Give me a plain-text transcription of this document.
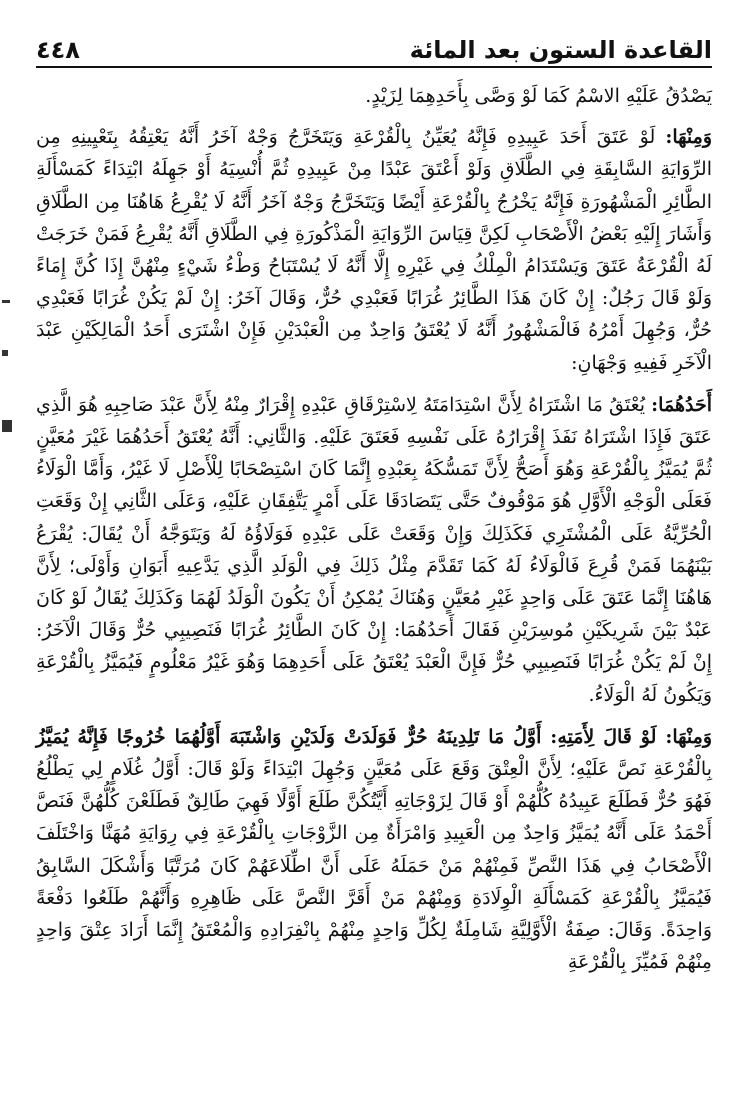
٤٤٨	القاعدة الستون بعد المائة

يَصْدُقُ عَلَيْهِ الاسْمُ كَمَا لَوْ وَصَّى بِأَحَدِهِمَا لِزَيْدٍ.

وَمِنْهَا: لَوْ عَتَقَ أَحَدَ عَبِيدِهِ فَإِنَّهُ يُعَيِّنُ بِالْقُرْعَةِ وَيَتَخَرَّجُ وَجْهٌ آخَرُ أَنَّهُ يَعْتِقُهُ بِتَعْيِينِهِ مِن الرِّوَايَةِ السَّابِقَةِ فِي الطَّلَاقِ وَلَوْ أَعْتَقَ عَبْدًا مِنْ عَبِيدِهِ ثُمَّ أُنْسِيَهُ أَوْ جَهِلَهُ ابْتِدَاءً كَمَسْأَلَةِ الطَّائِرِ الْمَشْهُورَةِ فَإِنَّهُ يَخْرُجُ بِالْقُرْعَةِ أَيْضًا وَيَتَخَرَّجُ وَجْهٌ آخَرُ أَنَّهُ لَا يُقْرِعُ هَاهُنَا مِن الطَّلَاقِ وَأَشَارَ إِلَيْهِ بَعْضُ الْأَصْحَابِ لَكِنَّ قِيَاسَ الرِّوَايَةِ الْمَذْكُورَةِ فِي الطَّلَاقِ أَنَّهُ يُقْرِعُ فَمَنْ خَرَجَتْ لَهُ الْقُرْعَةُ عَتَقَ وَيَسْتَدَامُ الْمِلْكُ فِي غَيْرِهِ إِلَّا أَنَّهُ لَا يُسْتَبَاحُ وَطْءُ شَيْءٍ مِنْهُنَّ إِذَا كُنَّ إِمَاءً وَلَوْ قَالَ رَجُلٌ: إِنْ كَانَ هَذَا الطَّائِرُ غُرَابًا فَعَبْدِي حُرٌّ، وَقَالَ آخَرُ: إِنْ لَمْ يَكُنْ غُرَابًا فَعَبْدِي حُرٌّ، وَجُهِلَ أَمْرُهُ فَالْمَشْهُورُ أَنَّهُ لَا يُعْتَقُ وَاحِدٌ مِن الْعَبْدَيْنِ فَإِنْ اشْتَرَى أَحَدُ الْمَالِكَيْنِ عَبْدَ الْآخَرِ فَفِيهِ وَجْهَانِ:

أَحَدُهُمَا: يُعْتَقُ مَا اشْتَرَاهُ لِأَنَّ اسْتِدَامَتَهُ لِاسْتِرْقَاقِ عَبْدِهِ إِقْرَارٌ مِنْهُ لِأَنَّ عَبْدَ صَاحِبِهِ هُوَ الَّذِي عَتَقَ فَإِذَا اشْتَرَاهُ نَفَذَ إِقْرَارُهُ عَلَى نَفْسِهِ فَعَتَقَ عَلَيْهِ. وَالثَّانِي: أَنَّهُ يُعْتَقُ أَحَدُهُمَا غَيْرَ مُعَيَّنٍ ثُمَّ يُمَيَّزُ بِالْقُرْعَةِ وَهُوَ أَصَحُّ لِأَنَّ تَمَسُّكَهُ بِعَبْدِهِ إِنَّمَا كَانَ اسْتِصْحَابًا لِلْأَصْلِ لَا غَيْرُ، وَأَمَّا الْوَلَاءُ فَعَلَى الْوَجْهِ الْأَوَّلِ هُوَ مَوْقُوفٌ حَتَّى يَتَصَادَقَا عَلَى أَمْرٍ يَتَّفِقَانِ عَلَيْهِ، وَعَلَى الثَّانِي إِنْ وَقَعَتِ الْحُرِّيَّةُ عَلَى الْمُشْتَرِي فَكَذَلِكَ وَإِنْ وَقَعَتْ عَلَى عَبْدِهِ فَوَلَاؤُهُ لَهُ وَيَتَوَجَّهُ أَنْ يُقَالَ: يُقْرَعُ بَيْنَهُمَا فَمَنْ قُرِعَ فَالْوَلَاءُ لَهُ كَمَا تَقَدَّمَ مِثْلُ ذَلِكَ فِي الْوَلَدِ الَّذِي يَدَّعِيهِ أَبَوَانِ وَأَوْلَى؛ لِأَنَّ هَاهُنَا إِنَّمَا عَتَقَ عَلَى وَاحِدٍ غَيْرِ مُعَيَّنٍ وَهُنَاكَ يُمْكِنُ أَنْ يَكُونَ الْوَلَدُ لَهُمَا وَكَذَلِكَ يُقَالُ لَوْ كَانَ عَبْدٌ بَيْنَ شَرِيكَيْنِ مُوسِرَيْنِ فَقَالَ أَحَدُهُمَا: إِنْ كَانَ الطَّائِرُ غُرَابًا فَنَصِيبِي حُرٌّ وَقَالَ الْآخَرُ: إِنْ لَمْ يَكُنْ غُرَابًا فَنَصِيبِي حُرٌّ فَإِنَّ الْعَبْدَ يُعْتَقُ عَلَى أَحَدِهِمَا وَهُوَ غَيْرُ مَعْلُومٍ فَيُمَيَّزُ بِالْقُرْعَةِ وَيَكُونُ لَهُ الْوَلَاءُ.

وَمِنْهَا: لَوْ قَالَ لِأَمَتِهِ: أَوَّلُ مَا تَلِدِينَهُ حُرٌّ فَوَلَدَتْ وَلَدَيْنِ وَاشْتَبَهَ أَوَّلُهُمَا خُرُوجًا فَإِنَّهُ يُمَيَّزُ بِالْقُرْعَةِ نَصَّ عَلَيْهِ؛ لِأَنَّ الْعِتْقَ وَقَعَ عَلَى مُعَيَّنٍ وَجُهِلَ ابْتِدَاءً وَلَوْ قَالَ: أَوَّلُ غُلَامٍ لِي يَطْلُعُ فَهُوَ حُرٌّ فَطَلَعَ عَبِيدُهُ كُلُّهُمْ أَوْ قَالَ لِزَوْجَاتِهِ أَيَّتُكُنَّ طَلَعَ أَوَّلًا فَهِيَ طَالِقٌ فَطَلَعْنَ كُلُّهُنَّ فَنَصَّ أَحْمَدُ عَلَى أَنَّهُ يُمَيَّزُ وَاحِدٌ مِن الْعَبِيدِ وَامْرَأَةٌ مِن الزَّوْجَاتِ بِالْقُرْعَةِ فِي رِوَايَةِ مُهَنَّا وَاخْتَلَفَ الْأَصْحَابُ فِي هَذَا النَّصِّ فَمِنْهُمْ مَنْ حَمَلَهُ عَلَى أَنَّ اطِّلَاعَهُمْ كَانَ مُرَتَّبًا وَأَشْكَلَ السَّابِقُ فَيُمَيَّزُ بِالْقُرْعَةِ كَمَسْأَلَةِ الْوِلَادَةِ وَمِنْهُمْ مَنْ أَقَرَّ النَّصَّ عَلَى ظَاهِرِهِ وَأَنَّهُمْ طَلَعُوا دَفْعَةً وَاحِدَةً. وَقَالَ: صِفَةُ الْأَوَّلِيَّةِ شَامِلَةٌ لِكُلِّ وَاحِدٍ مِنْهُمْ بِانْفِرَادِهِ وَالْمُعْتَقُ إِنَّمَا أَرَادَ عِتْقَ وَاحِدٍ مِنْهُمْ فَمُيِّزَ بِالْقُرْعَةِ
